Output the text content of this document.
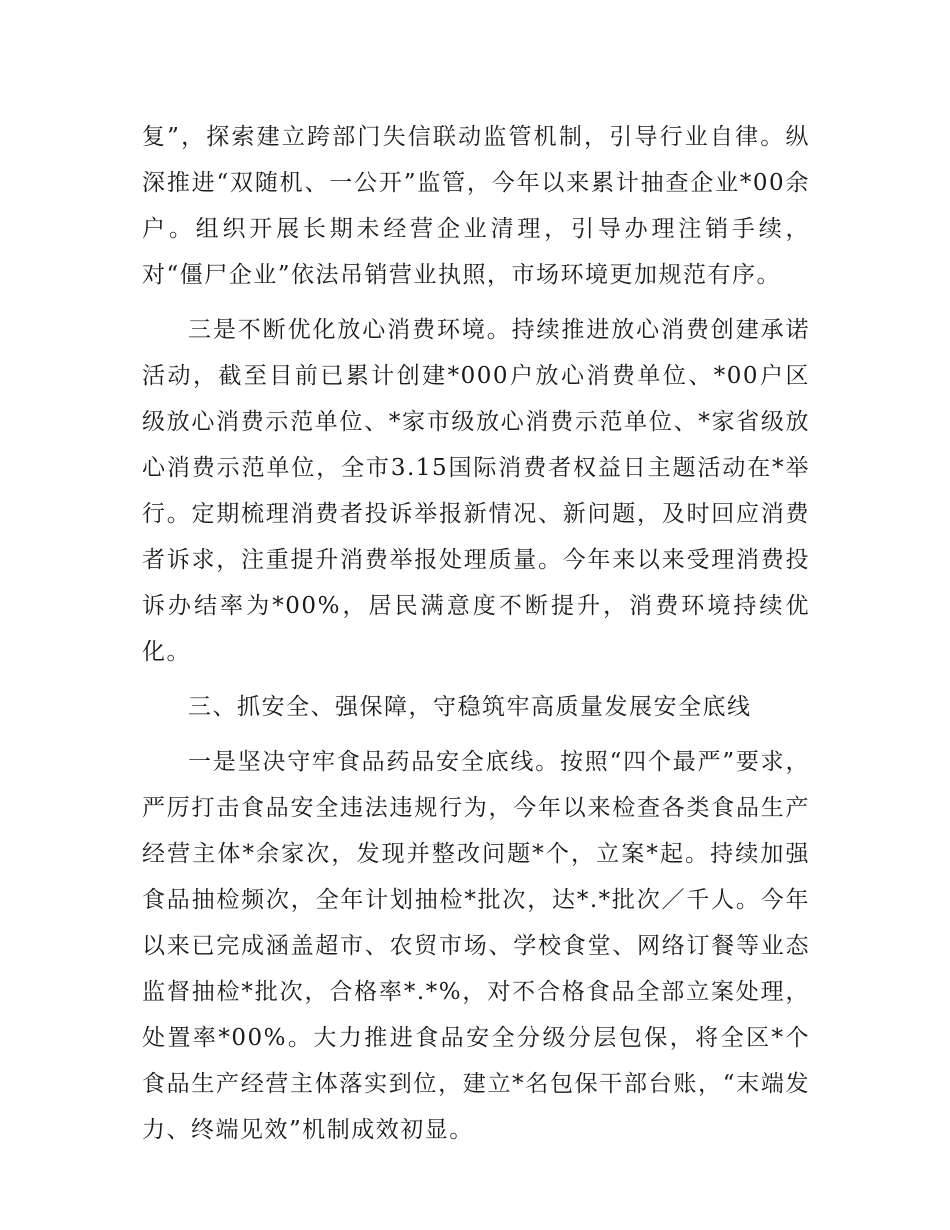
复”，探索建立跨部门失信联动监管机制，引导行业自律。纵深推进“双随机、一公开”监管，今年以来累计抽查企业*00余户。组织开展长期未经营企业清理，引导办理注销手续，对“僵尸企业”依法吊销营业执照，市场环境更加规范有序。

三是不断优化放心消费环境。持续推进放心消费创建承诺活动，截至目前已累计创建*000户放心消费单位、*00户区级放心消费示范单位、*家市级放心消费示范单位、*家省级放心消费示范单位，全市3.15国际消费者权益日主题活动在*举行。定期梳理消费者投诉举报新情况、新问题，及时回应消费者诉求，注重提升消费举报处理质量。今年来以来受理消费投诉办结率为*00%，居民满意度不断提升，消费环境持续优化。

三、抓安全、强保障，守稳筑牢高质量发展安全底线

一是坚决守牢食品药品安全底线。按照“四个最严”要求，严厉打击食品安全违法违规行为，今年以来检查各类食品生产经营主体*余家次，发现并整改问题*个，立案*起。持续加强食品抽检频次，全年计划抽检*批次，达*.*批次／千人。今年以来已完成涵盖超市、农贸市场、学校食堂、网络订餐等业态监督抽检*批次，合格率*.*%，对不合格食品全部立案处理，处置率*00%。大力推进食品安全分级分层包保，将全区*个食品生产经营主体落实到位，建立*名包保干部台账，“末端发力、终端见效”机制成效初显。
